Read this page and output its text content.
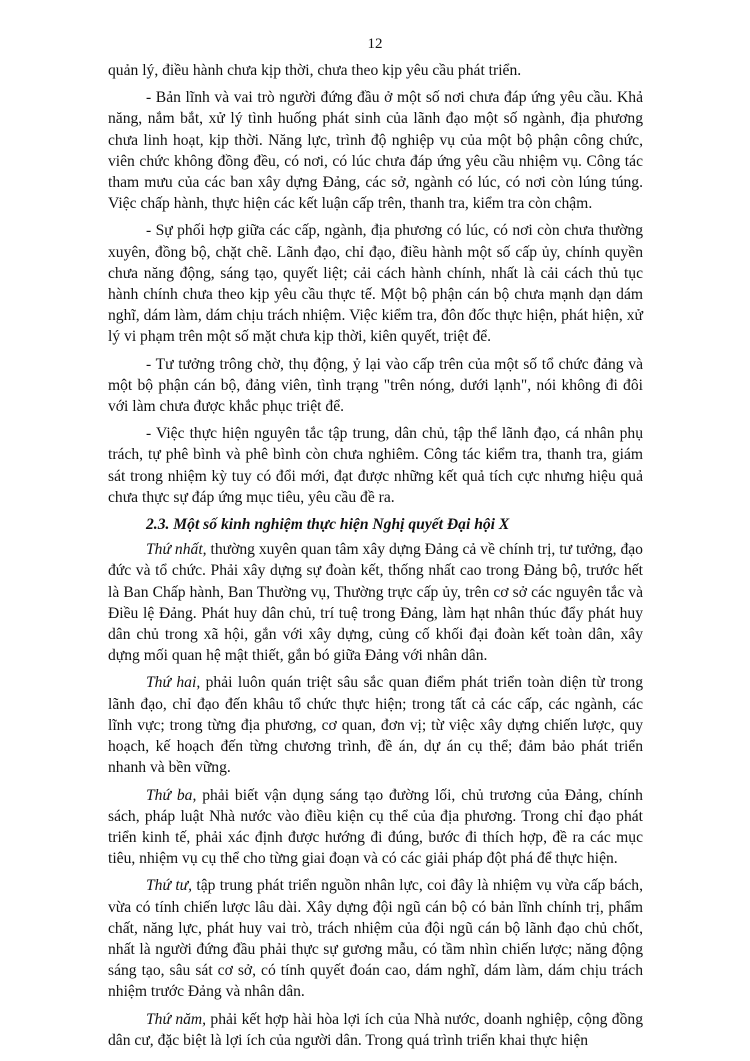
12

quản lý, điều hành chưa kịp thời, chưa theo kịp yêu cầu phát triển.

- Bản lĩnh và vai trò người đứng đầu ở một số nơi chưa đáp ứng yêu cầu. Khả năng, nắm bắt, xử lý tình huống phát sinh của lãnh đạo một số ngành, địa phương chưa linh hoạt, kịp thời. Năng lực, trình độ nghiệp vụ của một bộ phận công chức, viên chức không đồng đều, có nơi, có lúc chưa đáp ứng yêu cầu nhiệm vụ. Công tác tham mưu của các ban xây dựng Đảng, các sở, ngành có lúc, có nơi còn lúng túng. Việc chấp hành, thực hiện các kết luận cấp trên, thanh tra, kiểm tra còn chậm.

- Sự phối hợp giữa các cấp, ngành, địa phương có lúc, có nơi còn chưa thường xuyên, đồng bộ, chặt chẽ. Lãnh đạo, chỉ đạo, điều hành một số cấp ủy, chính quyền chưa năng động, sáng tạo, quyết liệt; cải cách hành chính, nhất là cải cách thủ tục hành chính chưa theo kịp yêu cầu thực tế. Một bộ phận cán bộ chưa mạnh dạn dám nghĩ, dám làm, dám chịu trách nhiệm. Việc kiểm tra, đôn đốc thực hiện, phát hiện, xử lý vi phạm trên một số mặt chưa kịp thời, kiên quyết, triệt để.

- Tư tưởng trông chờ, thụ động, ỷ lại vào cấp trên của một số tổ chức đảng và một bộ phận cán bộ, đảng viên, tình trạng "trên nóng, dưới lạnh", nói không đi đôi với làm chưa được khắc phục triệt để.

- Việc thực hiện nguyên tắc tập trung, dân chủ, tập thể lãnh đạo, cá nhân phụ trách, tự phê bình và phê bình còn chưa nghiêm. Công tác kiểm tra, thanh tra, giám sát trong nhiệm kỳ tuy có đổi mới, đạt được những kết quả tích cực nhưng hiệu quả chưa thực sự đáp ứng mục tiêu, yêu cầu đề ra.

2.3. Một số kinh nghiệm thực hiện Nghị quyết Đại hội X

Thứ nhất, thường xuyên quan tâm xây dựng Đảng cả về chính trị, tư tưởng, đạo đức và tổ chức. Phải xây dựng sự đoàn kết, thống nhất cao trong Đảng bộ, trước hết là Ban Chấp hành, Ban Thường vụ, Thường trực cấp ủy, trên cơ sở các nguyên tắc và Điều lệ Đảng. Phát huy dân chủ, trí tuệ trong Đảng, làm hạt nhân thúc đẩy phát huy dân chủ trong xã hội, gắn với xây dựng, củng cố khối đại đoàn kết toàn dân, xây dựng mối quan hệ mật thiết, gắn bó giữa Đảng với nhân dân.

Thứ hai, phải luôn quán triệt sâu sắc quan điểm phát triển toàn diện từ trong lãnh đạo, chỉ đạo đến khâu tổ chức thực hiện; trong tất cả các cấp, các ngành, các lĩnh vực; trong từng địa phương, cơ quan, đơn vị; từ việc xây dựng chiến lược, quy hoạch, kế hoạch đến từng chương trình, đề án, dự án cụ thể; đảm bảo phát triển nhanh và bền vững.

Thứ ba, phải biết vận dụng sáng tạo đường lối, chủ trương của Đảng, chính sách, pháp luật Nhà nước vào điều kiện cụ thể của địa phương. Trong chỉ đạo phát triển kinh tế, phải xác định được hướng đi đúng, bước đi thích hợp, đề ra các mục tiêu, nhiệm vụ cụ thể cho từng giai đoạn và có các giải pháp đột phá để thực hiện.

Thứ tư, tập trung phát triển nguồn nhân lực, coi đây là nhiệm vụ vừa cấp bách, vừa có tính chiến lược lâu dài. Xây dựng đội ngũ cán bộ có bản lĩnh chính trị, phẩm chất, năng lực, phát huy vai trò, trách nhiệm của đội ngũ cán bộ lãnh đạo chủ chốt, nhất là người đứng đầu phải thực sự gương mẫu, có tầm nhìn chiến lược; năng động sáng tạo, sâu sát cơ sở, có tính quyết đoán cao, dám nghĩ, dám làm, dám chịu trách nhiệm trước Đảng và nhân dân.

Thứ năm, phải kết hợp hài hòa lợi ích của Nhà nước, doanh nghiệp, cộng đồng dân cư, đặc biệt là lợi ích của người dân. Trong quá trình triển khai thực hiện
